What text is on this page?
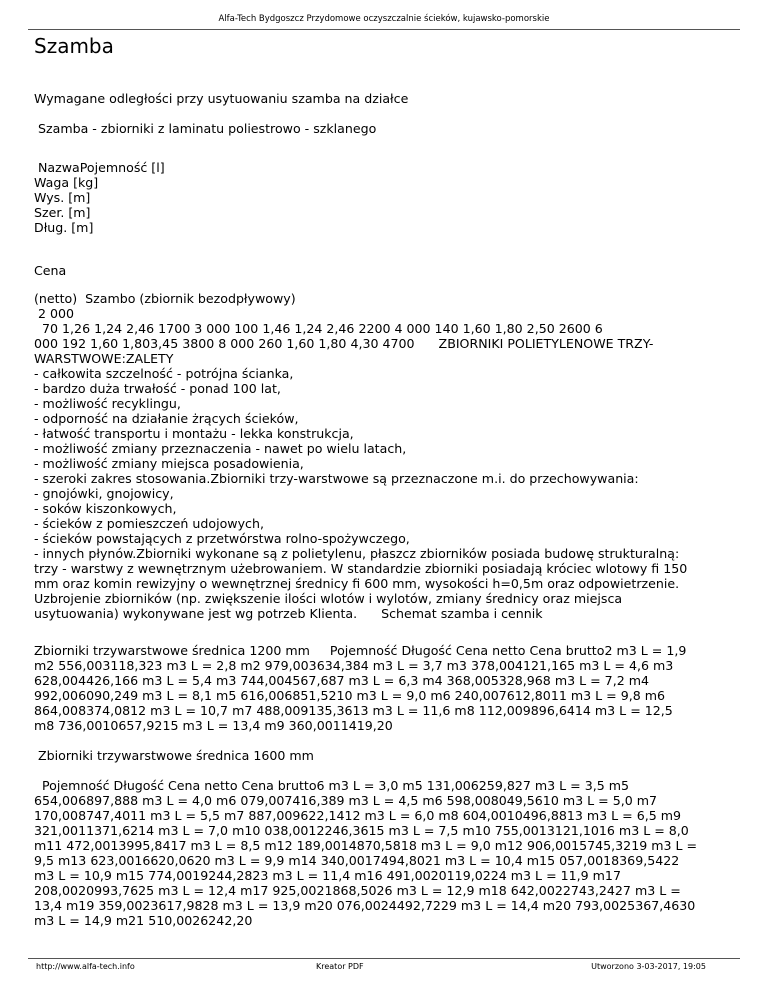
Alfa-Tech Bydgoszcz Przydomowe oczyszczalnie ścieków, kujawsko-pomorskie
Szamba

Wymagane odległości przy usytuowaniu szamba na działce

Szamba - zbiorniki z laminatu poliestrowo - szklanego

NazwaPojemność [l]

Waga [kg]

Wys. [m]

Szer. [m]

Dług. [m]

Cena

(netto)  Szambo (zbiornik bezodpływowy)

2 000

70 1,26 1,24 2,46 1700 3 000 100 1,46 1,24 2,46 2200 4 000 140 1,60 1,80 2,50 2600 6

000 192 1,60 1,803,45 3800 8 000 260 1,60 1,80 4,30 4700      ZBIORNIKI POLIETYLENOWE TRZY-

WARSTWOWE:ZALETY

- całkowita szczelność - potrójna ścianka,

- bardzo duża trwałość - ponad 100 lat,

- możliwość recyklingu,

- odporność na działanie żrących ścieków,

- łatwość transportu i montażu - lekka konstrukcja,

- możliwość zmiany przeznaczenia - nawet po wielu latach,

- możliwość zmiany miejsca posadowienia,

- szeroki zakres stosowania.Zbiorniki trzy-warstwowe są przeznaczone m.i. do przechowywania:

- gnojówki, gnojowicy,

- soków kiszonkowych,

- ścieków z pomieszczeń udojowych,

- ścieków powstających z przetwórstwa rolno-spożywczego,

- innych płynów.Zbiorniki wykonane są z polietylenu, płaszcz zbiorników posiada budowę strukturalną:

trzy - warstwy z wewnętrznym użebrowaniem. W standardzie zbiorniki posiadają króciec wlotowy fi 150

mm oraz komin rewizyjny o wewnętrznej średnicy fi 600 mm, wysokości h=0,5m oraz odpowietrzenie.

Uzbrojenie zbiorników (np. zwiększenie ilości wlotów i wylotów, zmiany średnicy oraz miejsca

usytuowania) wykonywane jest wg potrzeb Klienta.      Schemat szamba i cennik

Zbiorniki trzywarstwowe średnica 1200 mm     Pojemność Długość Cena netto Cena brutto2 m3 L = 1,9

m2 556,003118,323 m3 L = 2,8 m2 979,003634,384 m3 L = 3,7 m3 378,004121,165 m3 L = 4,6 m3

628,004426,166 m3 L = 5,4 m3 744,004567,687 m3 L = 6,3 m4 368,005328,968 m3 L = 7,2 m4

992,006090,249 m3 L = 8,1 m5 616,006851,5210 m3 L = 9,0 m6 240,007612,8011 m3 L = 9,8 m6

864,008374,0812 m3 L = 10,7 m7 488,009135,3613 m3 L = 11,6 m8 112,009896,6414 m3 L = 12,5

m8 736,0010657,9215 m3 L = 13,4 m9 360,0011419,20

Zbiorniki trzywarstwowe średnica 1600 mm

Pojemność Długość Cena netto Cena brutto6 m3 L = 3,0 m5 131,006259,827 m3 L = 3,5 m5

654,006897,888 m3 L = 4,0 m6 079,007416,389 m3 L = 4,5 m6 598,008049,5610 m3 L = 5,0 m7

170,008747,4011 m3 L = 5,5 m7 887,009622,1412 m3 L = 6,0 m8 604,0010496,8813 m3 L = 6,5 m9

321,0011371,6214 m3 L = 7,0 m10 038,0012246,3615 m3 L = 7,5 m10 755,0013121,1016 m3 L = 8,0

m11 472,0013995,8417 m3 L = 8,5 m12 189,0014870,5818 m3 L = 9,0 m12 906,0015745,3219 m3 L =

9,5 m13 623,0016620,0620 m3 L = 9,9 m14 340,0017494,8021 m3 L = 10,4 m15 057,0018369,5422

m3 L = 10,9 m15 774,0019244,2823 m3 L = 11,4 m16 491,0020119,0224 m3 L = 11,9 m17

208,0020993,7625 m3 L = 12,4 m17 925,0021868,5026 m3 L = 12,9 m18 642,0022743,2427 m3 L =

13,4 m19 359,0023617,9828 m3 L = 13,9 m20 076,0024492,7229 m3 L = 14,4 m20 793,0025367,4630

m3 L = 14,9 m21 510,0026242,20

http://www.alfa-tech.info	Kreator PDF	Utworzono 3-03-2017, 19:05
